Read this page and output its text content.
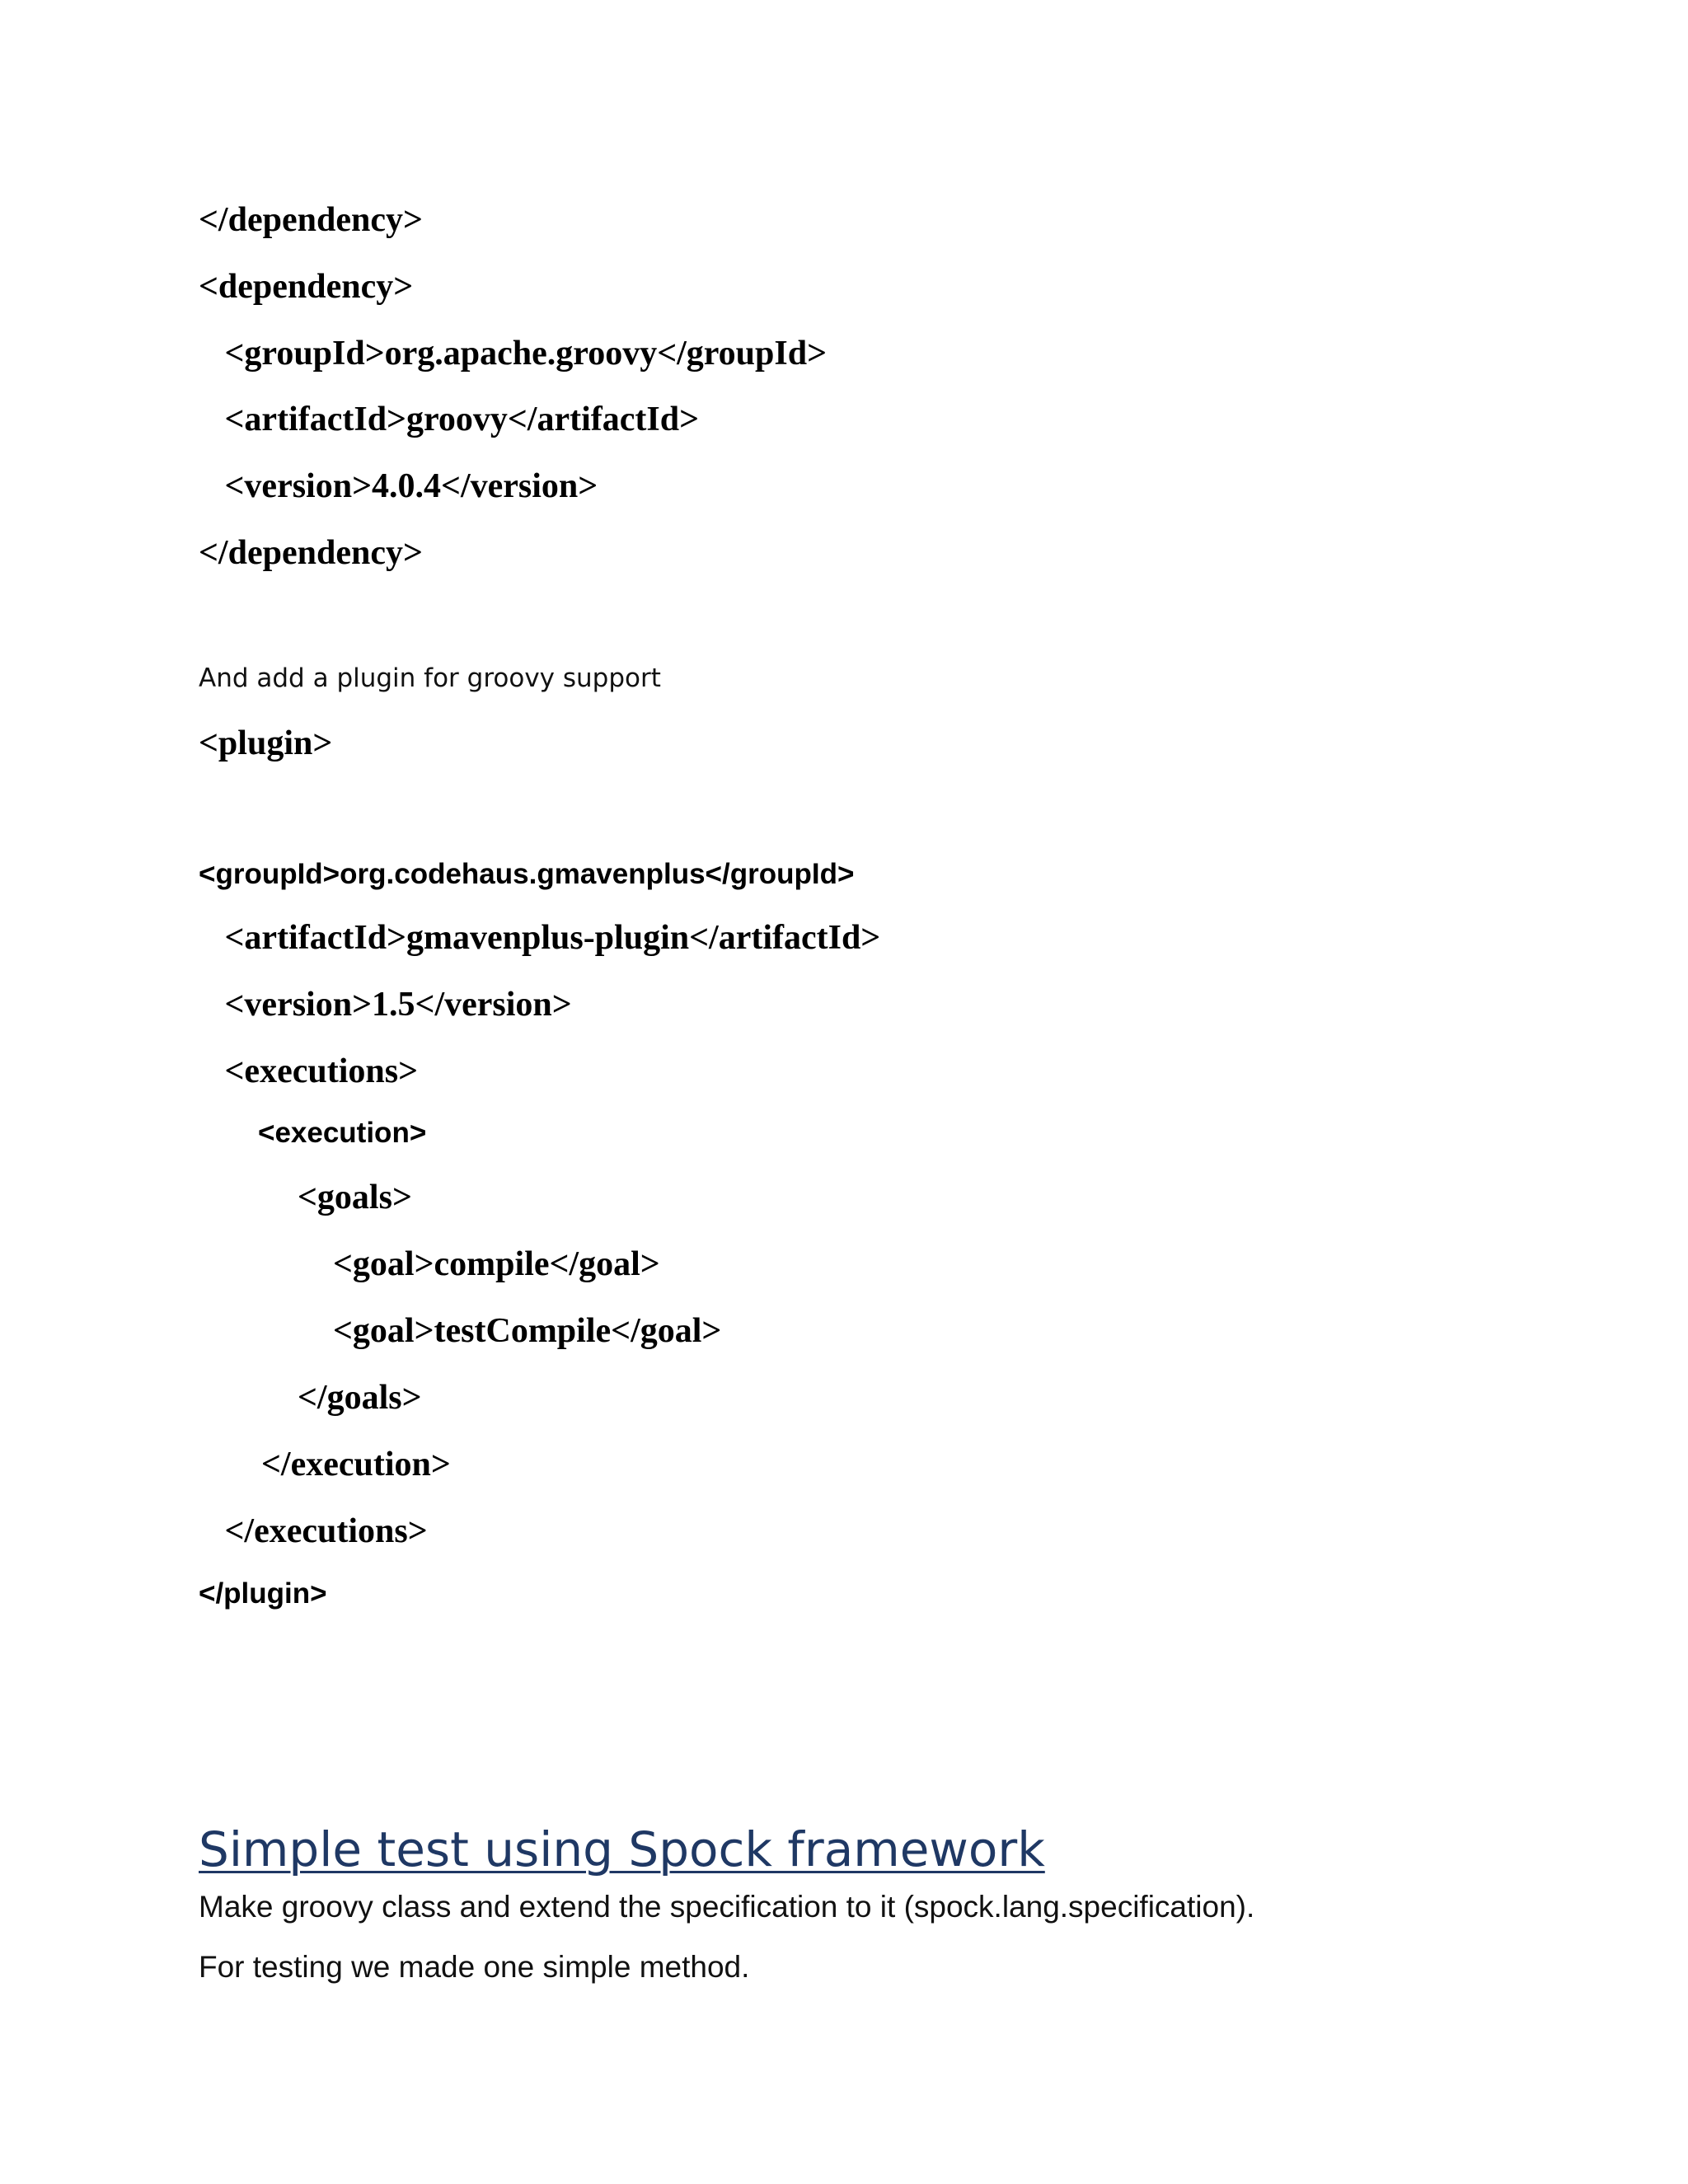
</dependency>
<dependency>
<groupId>org.apache.groovy</groupId>
<artifactId>groovy</artifactId>
<version>4.0.4</version>
</dependency>
And add a plugin for groovy support
<plugin>
<groupId>org.codehaus.gmavenplus</groupId>
<artifactId>gmavenplus-plugin</artifactId>
<version>1.5</version>
<executions>
<execution>
<goals>
<goal>compile</goal>
<goal>testCompile</goal>
</goals>
</execution>
</executions>
</plugin>
Simple test using Spock framework
Make groovy class and extend the specification to it (spock.lang.specification).
For testing we made one simple method.
